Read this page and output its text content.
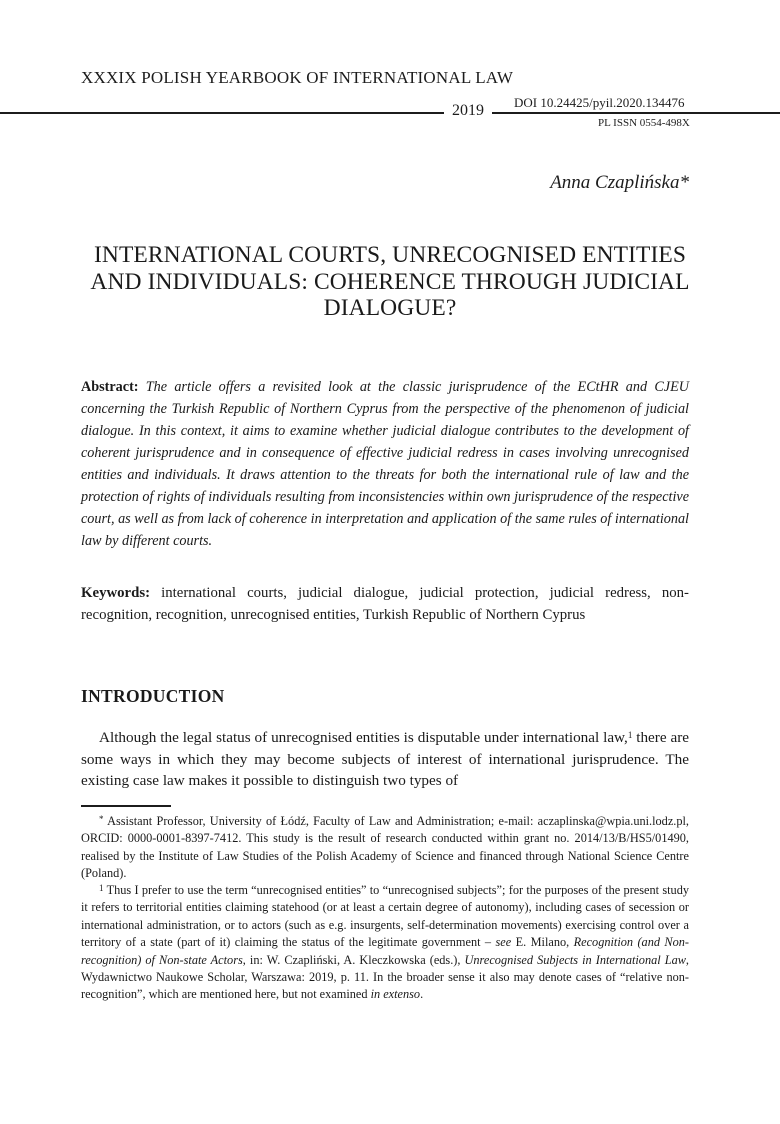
XXXIX POLISH YEARBOOK OF INTERNATIONAL LAW
2019 DOI 10.24425/pyil.2020.134476
PL ISSN 0554-498X
Anna Czaplińska*
INTERNATIONAL COURTS, UNRECOGNISED ENTITIES AND INDIVIDUALS: COHERENCE THROUGH JUDICIAL DIALOGUE?
Abstract: The article offers a revisited look at the classic jurisprudence of the ECtHR and CJEU concerning the Turkish Republic of Northern Cyprus from the perspective of the phenomenon of judicial dialogue. In this context, it aims to examine whether judicial dialogue contributes to the development of coherent jurisprudence and in consequence of effective judicial redress in cases involving unrecognised entities and individuals. It draws attention to the threats for both the international rule of law and the protection of rights of individuals resulting from inconsistencies within own jurisprudence of the respective court, as well as from lack of coherence in interpretation and application of the same rules of international law by different courts.
Keywords: international courts, judicial dialogue, judicial protection, judicial redress, non-recognition, recognition, unrecognised entities, Turkish Republic of Northern Cyprus
INTRODUCTION
Although the legal status of unrecognised entities is disputable under international law,$^1$ there are some ways in which they may become subjects of interest of international jurisprudence. The existing case law makes it possible to distinguish two types of
* Assistant Professor, University of Łódź, Faculty of Law and Administration; e-mail: aczaplinska@wpia.uni.lodz.pl, ORCID: 0000-0001-8397-7412. This study is the result of research conducted within grant no. 2014/13/B/HS5/01490, realised by the Institute of Law Studies of the Polish Academy of Science and financed through National Science Centre (Poland).
$^1$ Thus I prefer to use the term “unrecognised entities” to “unrecognised subjects”; for the purposes of the present study it refers to territorial entities claiming statehood (or at least a certain degree of autonomy), including cases of secession or international administration, or to actors (such as e.g. insurgents, self-determination movements) exercising control over a territory of a state (part of it) claiming the status of the legitimate government – see E. Milano, Recognition (and Non-recognition) of Non-state Actors, in: W. Czapliński, A. Kleczkowska (eds.), Unrecognised Subjects in International Law, Wydawnictwo Naukowe Scholar, Warszawa: 2019, p. 11. In the broader sense it also may denote cases of “relative non-recognition”, which are mentioned here, but not examined in extenso.
